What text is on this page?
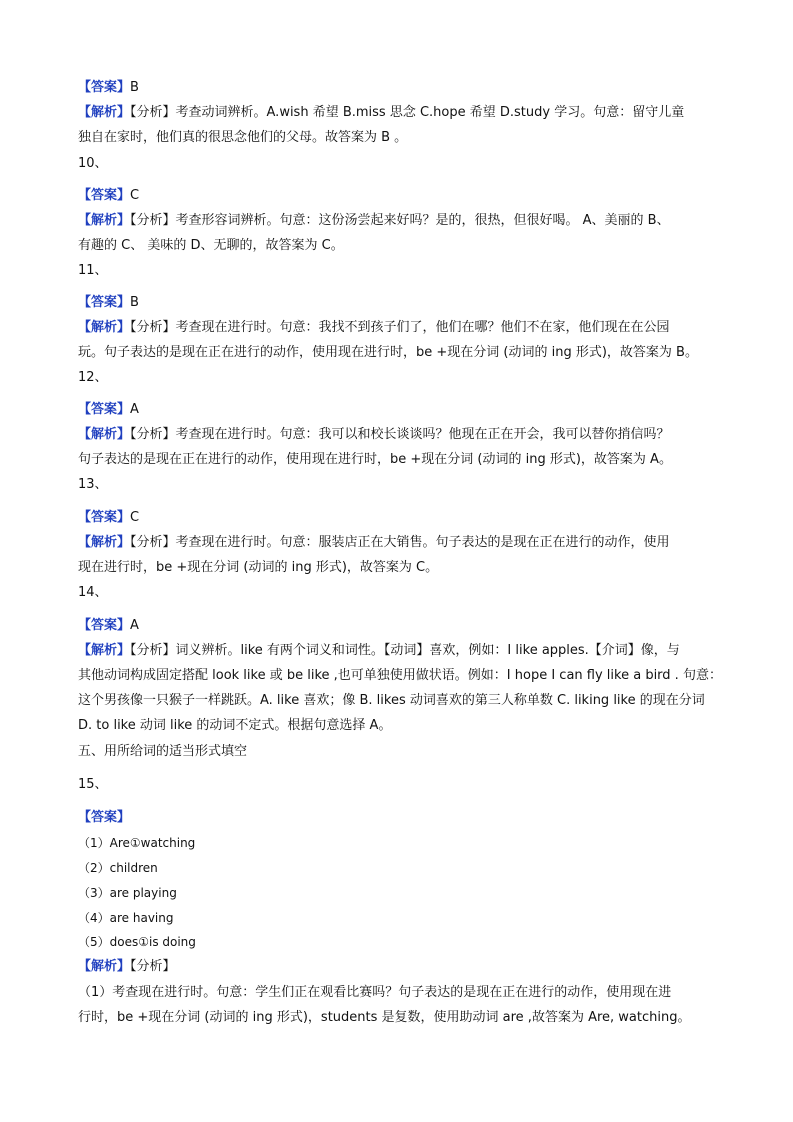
【答案】B
【解析】【分析】考查动词辨析。A.wish 希望 B.miss 思念 C.hope 希望 D.study 学习。句意：留守儿童
独自在家时，他们真的很思念他们的父母。故答案为 B 。
10、
【答案】C
【解析】【分析】考查形容词辨析。句意：这份汤尝起来好吗？是的，很热，但很好喝。 A、美丽的 B、
有趣的 C、 美味的 D、无聊的，故答案为 C。
11、
【答案】B
【解析】【分析】考查现在进行时。句意：我找不到孩子们了，他们在哪？他们不在家，他们现在在公园
玩。句子表达的是现在正在进行的动作，使用现在进行时，be +现在分词 (动词的 ing 形式)，故答案为 B。
12、
【答案】A
【解析】【分析】考查现在进行时。句意：我可以和校长谈谈吗？他现在正在开会，我可以替你捎信吗？
句子表达的是现在正在进行的动作，使用现在进行时，be +现在分词 (动词的 ing 形式)，故答案为 A。
13、
【答案】C
【解析】【分析】考查现在进行时。句意：服装店正在大销售。句子表达的是现在正在进行的动作，使用
现在进行时，be +现在分词 (动词的 ing 形式)，故答案为 C。
14、
【答案】A
【解析】【分析】词义辨析。like 有两个词义和词性。【动词】喜欢，例如：I like apples.【介词】像，与
其他动词构成固定搭配 look like 或 be like ,也可单独使用做状语。例如：I hope I can fly like a bird . 句意：
这个男孩像一只猴子一样跳跃。A. like 喜欢；像 B. likes 动词喜欢的第三人称单数 C. liking like 的现在分词
D. to like 动词 like 的动词不定式。根据句意选择 A。
五、用所给词的适当形式填空
15、
【答案】
（1）Are①watching
（2）children
（3）are playing
（4）are having
（5）does①is doing
【解析】【分析】
（1）考查现在进行时。句意：学生们正在观看比赛吗？句子表达的是现在正在进行的动作，使用现在进
行时，be +现在分词 (动词的 ing 形式)，students 是复数，使用助动词 are ,故答案为 Are, watching。
